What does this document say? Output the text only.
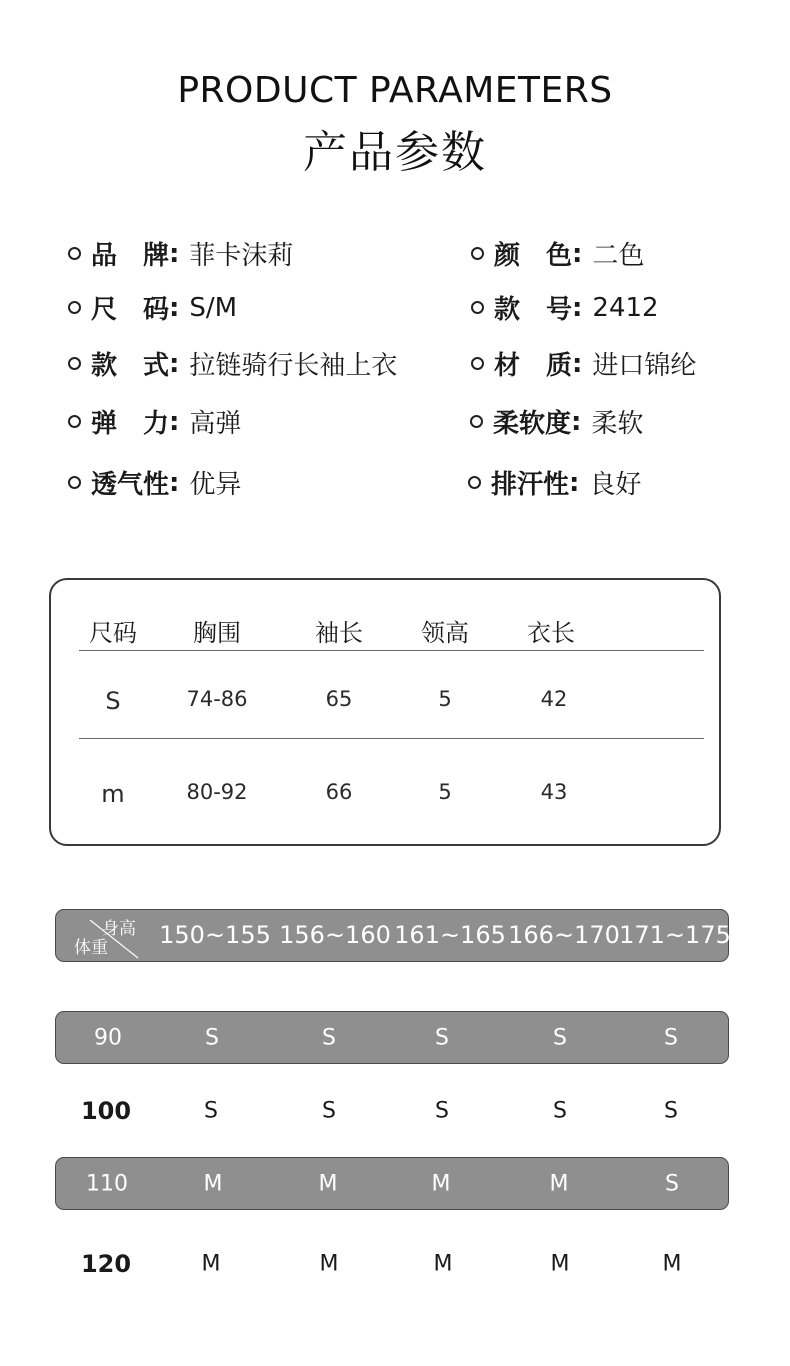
PRODUCT PARAMETERS
产品参数
品　牌 : 菲卡沫莉	颜　色 : 二色
尺　码 : S/M	款　号 : 2412
款　式 : 拉链骑行长袖上衣	材　质 : 进口锦纶
弹　力 : 高弹	柔软度 : 柔软
透气性 : 优异	排汗性 : 良好
尺码 胸围	袖长 领高 衣长
S	74-86	65	5	42
m	80-92	66	5	43
身高
体重 150~155 156~160 161~165 166~170 171~175
90	S	S	S	S	S
100	S	S	S	S	S
110	M	M	M	M	S
120	M	M	M	M	M
